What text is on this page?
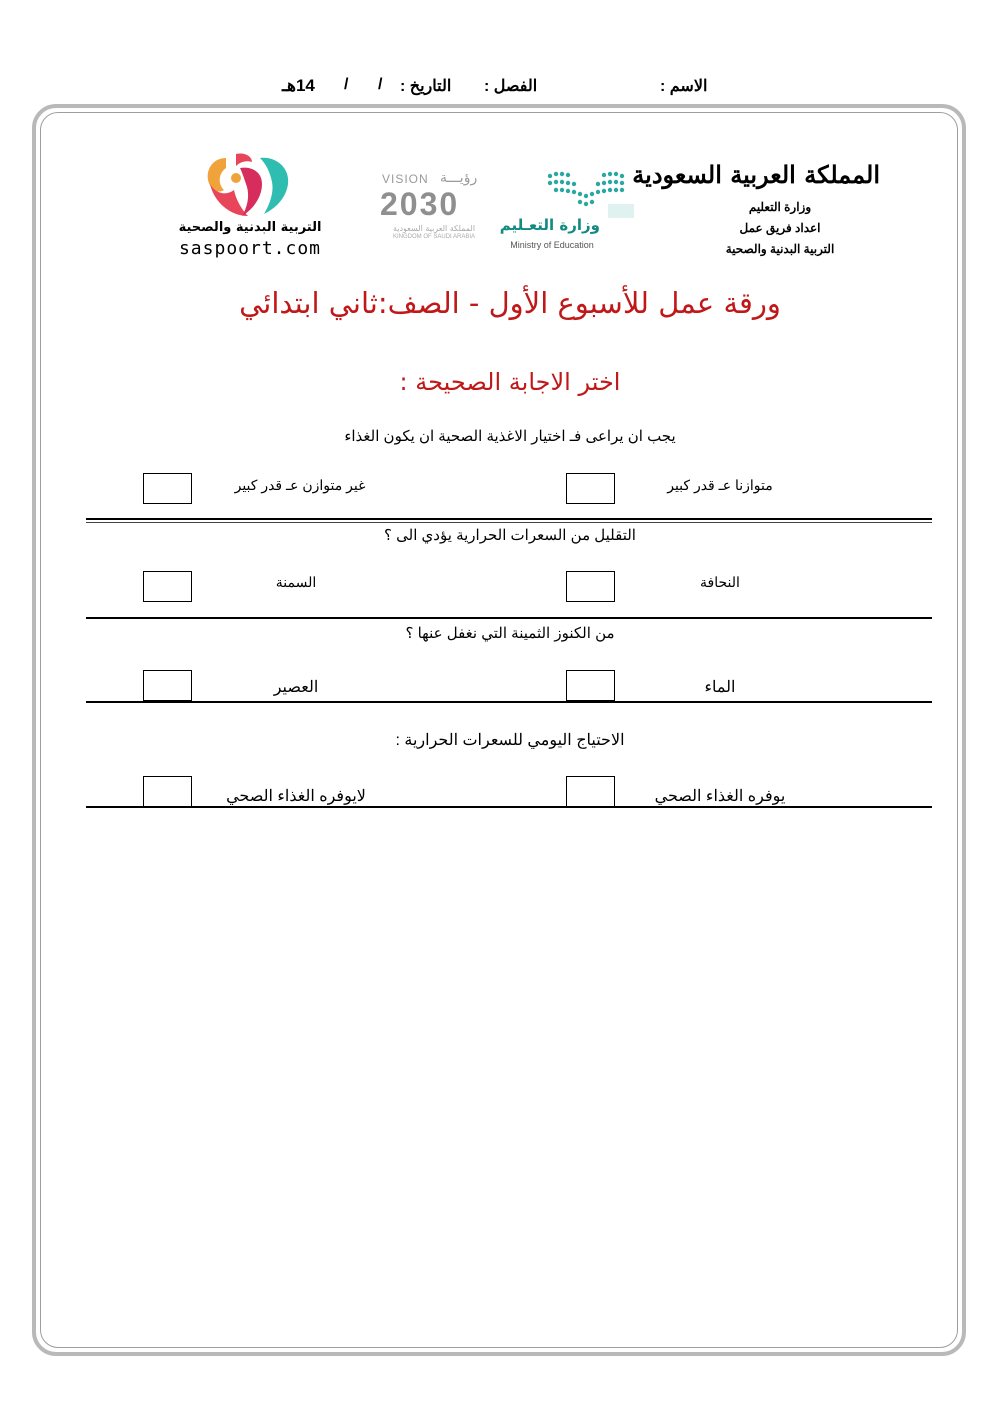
الاسم :
الفصل :
التاريخ :
/
/
14هـ
المملكة العربية السعودية
وزارة التعليم
اعداد فريق عمل
التربية البدنية والصحية
وزارة التعـليم
Ministry of Education
VISION رؤيـــة
2030
المملكة العربية السعودية
KINGDOM OF SAUDI ARABIA
التربية البدنية والصحية
saspoort.com
ورقة عمل للأسبوع الأول - الصف:ثاني ابتدائي
اختر الاجابة الصحيحة :
يجب ان يراعى فـ اختيار الاغذية الصحية ان يكون الغذاء
متوازنا عـ قدر كبير
غير متوازن عـ قدر كبير
التقليل من السعرات الحرارية يؤدي الى ؟
النحافة
السمنة
من الكنوز الثمينة التي نغفل عنها ؟
الماء
العصير
الاحتياج اليومي للسعرات الحرارية :
يوفره الغذاء الصحي
لايوفره الغذاء الصحي
